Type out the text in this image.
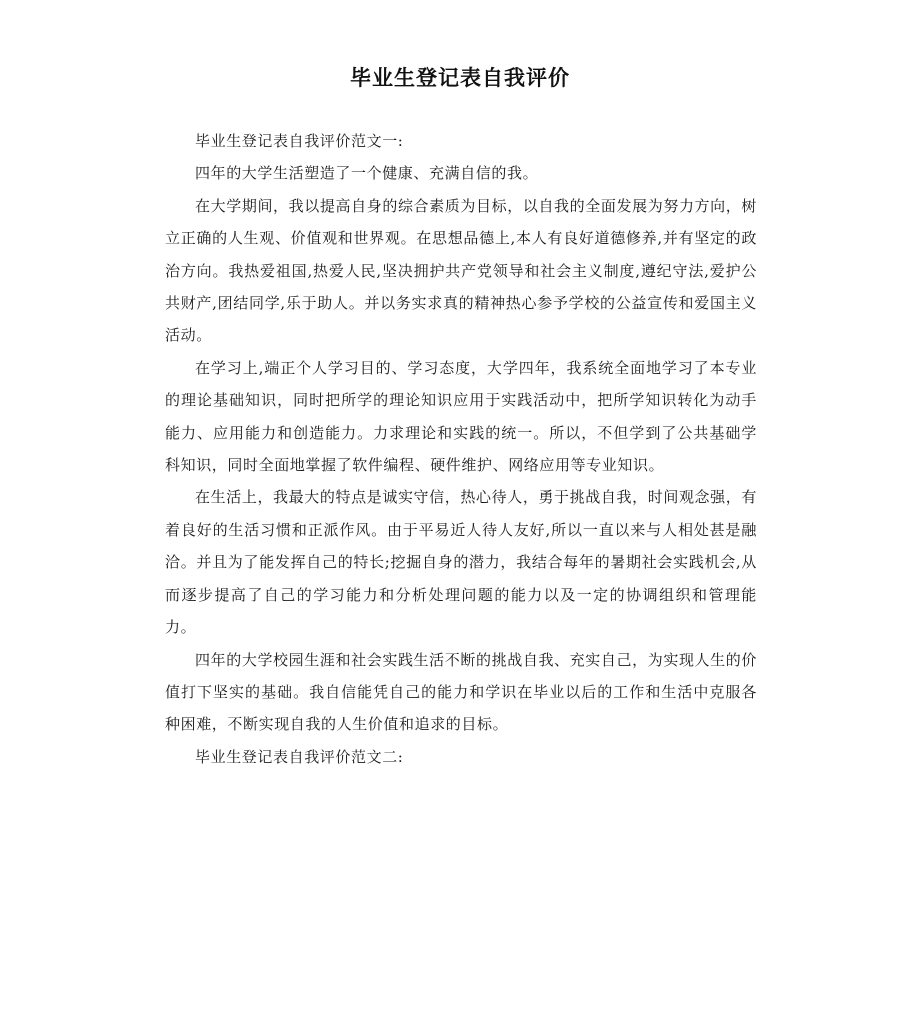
毕业生登记表自我评价

毕业生登记表自我评价范文一:

四年的大学生活塑造了一个健康、充满自信的我。

在大学期间，我以提高自身的综合素质为目标，以自我的全面发展为努力方向，树立正确的人生观、价值观和世界观。在思想品德上,本人有良好道德修养,并有坚定的政治方向。我热爱祖国,热爱人民,坚决拥护共产党领导和社会主义制度,遵纪守法,爱护公共财产,团结同学,乐于助人。并以务实求真的精神热心参予学校的公益宣传和爱国主义活动。

在学习上,端正个人学习目的、学习态度，大学四年，我系统全面地学习了本专业的理论基础知识，同时把所学的理论知识应用于实践活动中，把所学知识转化为动手能力、应用能力和创造能力。力求理论和实践的统一。所以，不但学到了公共基础学科知识，同时全面地掌握了软件编程、硬件维护、网络应用等专业知识。

在生活上，我最大的特点是诚实守信，热心待人，勇于挑战自我，时间观念强，有着良好的生活习惯和正派作风。由于平易近人待人友好,所以一直以来与人相处甚是融洽。并且为了能发挥自己的特长;挖掘自身的潜力，我结合每年的暑期社会实践机会,从而逐步提高了自己的学习能力和分析处理问题的能力以及一定的协调组织和管理能力。

四年的大学校园生涯和社会实践生活不断的挑战自我、充实自己，为实现人生的价值打下坚实的基础。我自信能凭自己的能力和学识在毕业以后的工作和生活中克服各种困难，不断实现自我的人生价值和追求的目标。

毕业生登记表自我评价范文二:
